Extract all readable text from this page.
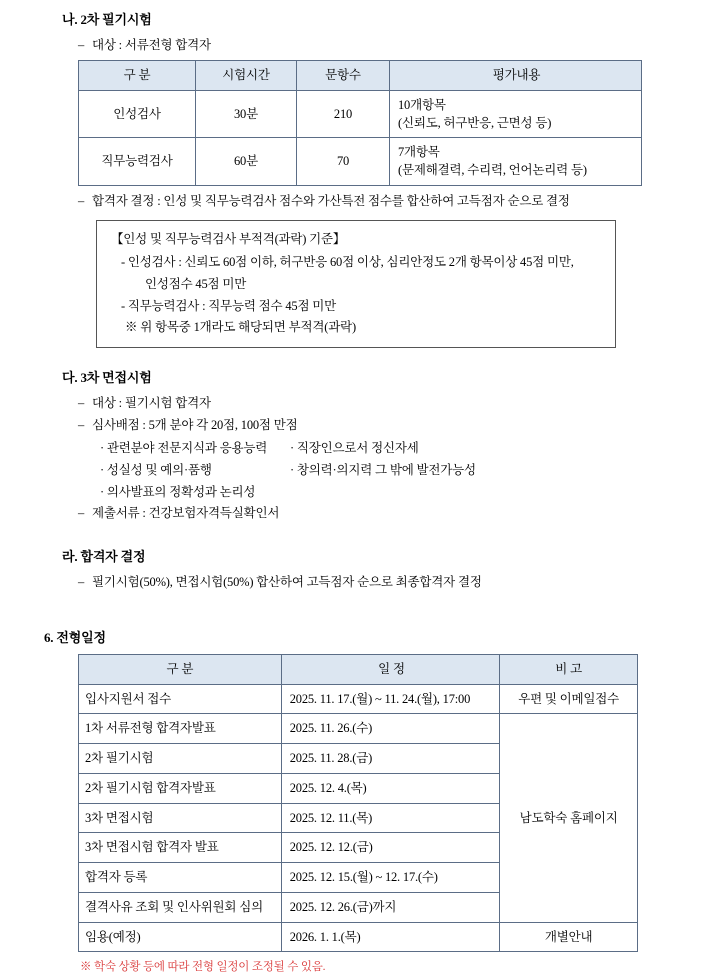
나. 2차 필기시험
– 대상 : 서류전형 합격자
구 분	시험시간	문항수	평가내용
인성검사	30분	210	10개항목
(신뢰도, 허구반응, 근면성 등)

직무능력검사	60분	70	7개항목
(문제해결력, 수리력, 언어논리력 등)
– 합격자 결정 : 인성 및 직무능력검사 점수와 가산특전 점수를 합산하여 고득점자 순으로 결정
【인성 및 직무능력검사 부적격(과락) 기준】
- 인성검사 : 신뢰도 60점 이하, 허구반응 60점 이상, 심리안정도 2개 항목이상 45점 미만,
인성점수 45점 미만
- 직무능력검사 : 직무능력 점수 45점 미만
※ 위 항목중 1개라도 해당되면 부적격(과락)
다. 3차 면접시험
– 대상 : 필기시험 합격자
– 심사배점 : 5개 분야 각 20점, 100점 만점
· 관련분야 전문지식과 응용능력	· 직장인으로서 정신자세
· 성실성 및 예의·품행	· 창의력·의지력 그 밖에 발전가능성
· 의사발표의 정확성과 논리성
– 제출서류 : 건강보험자격득실확인서
라. 합격자 결정
– 필기시험(50%), 면접시험(50%) 합산하여 고득점자 순으로 최종합격자 결정
6. 전형일정
구 분	일 정	비 고
입사지원서 접수	2025. 11. 17.(월) ~ 11. 24.(월), 17:00	우편 및 이메일접수
1차 서류전형 합격자발표	2025. 11. 26.(수)	남도학숙 홈페이지
2차 필기시험	2025. 11. 28.(금)	
2차 필기시험 합격자발표	2025. 12. 4.(목)	
3차 면접시험	2025. 12. 11.(목)	
3차 면접시험 합격자 발표	2025. 12. 12.(금)	
합격자 등록	2025. 12. 15.(월) ~ 12. 17.(수)	
결격사유 조회 및 인사위원회 심의	2025. 12. 26.(금)까지	
임용(예정)	2026. 1. 1.(목)	개별안내
※ 학숙 상황 등에 따라 전형 일정이 조정될 수 있음.
